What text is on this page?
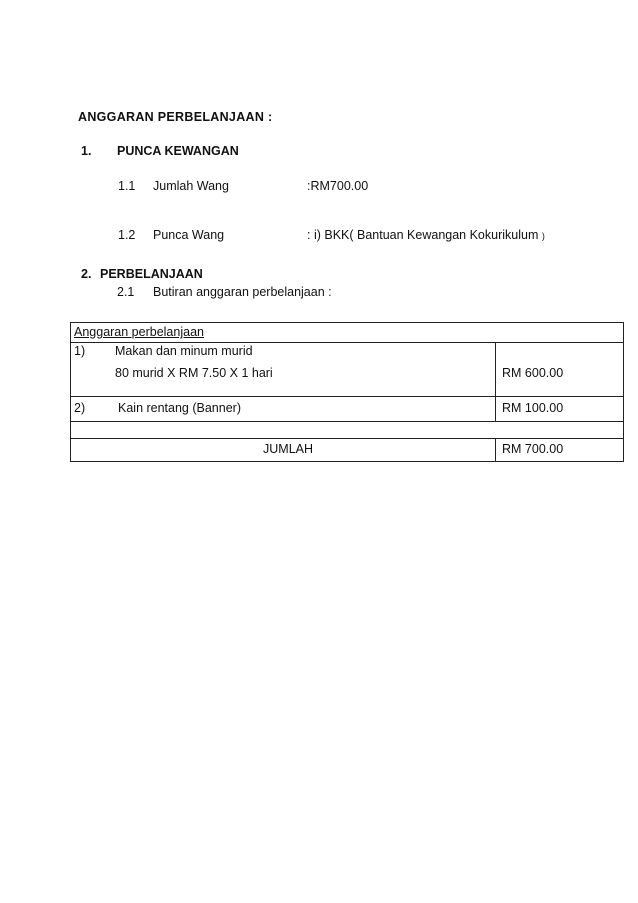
ANGGARAN PERBELANJAAN :
1. PUNCA KEWANGAN
1.1 Jumlah Wang	:RM700.00
1.2 Punca Wang	: i) BKK( Bantuan Kewangan Kokurikulum )
2. PERBELANJAAN
2.1 Butiran anggaran perbelanjaan :
Anggaran perbelanjaan	

1) Makan dan minum murid
80 murid X RM 7.50 X 1 hari	RM 600.00

2) Kain rentang (Banner)	RM 100.00

JUMLAH	RM 700.00
